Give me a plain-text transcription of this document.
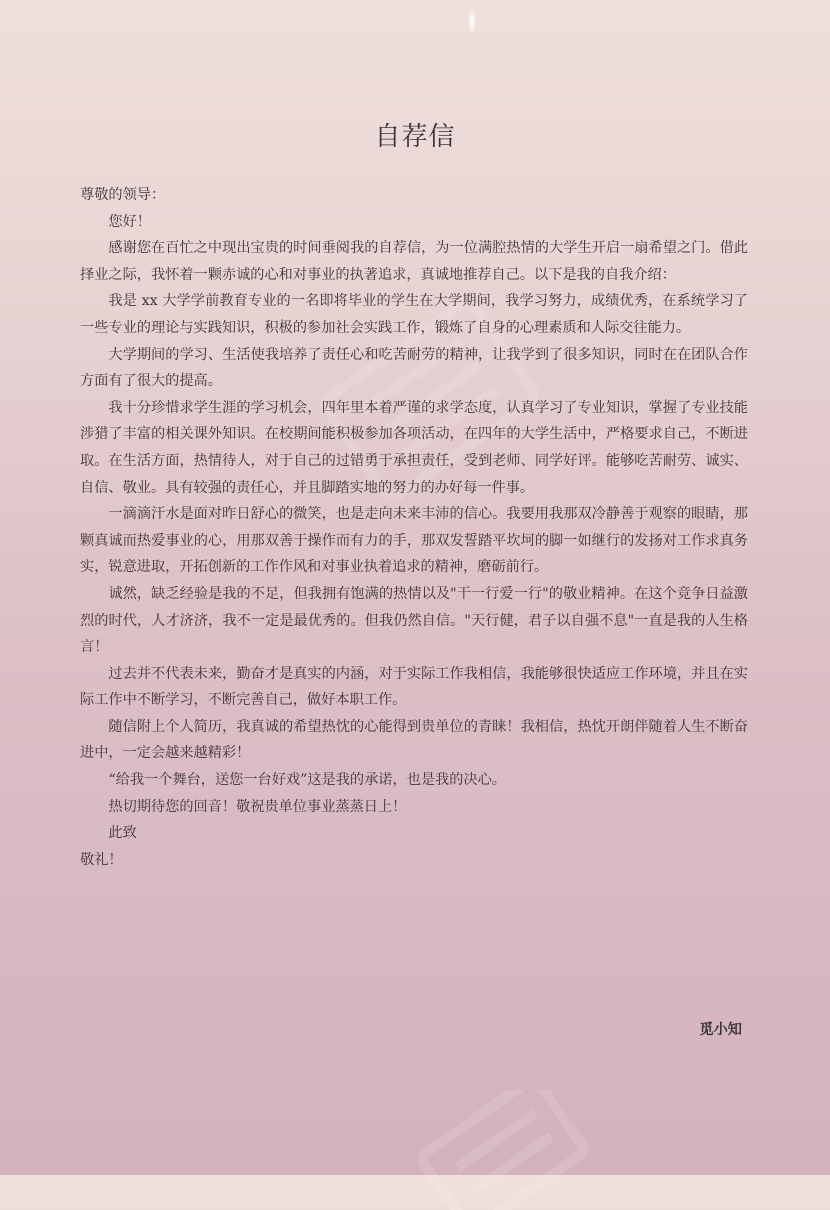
自荐信

尊敬的领导：

您好！

感谢您在百忙之中现出宝贵的时间垂阅我的自荐信，为一位满腔热情的大学生开启一扇希望之门。借此择业之际，我怀着一颗赤诚的心和对事业的执著追求，真诚地推荐自己。以下是我的自我介绍：

我是 xx 大学学前教育专业的一名即将毕业的学生在大学期间，我学习努力，成绩优秀，在系统学习了一些专业的理论与实践知识，积极的参加社会实践工作，锻炼了自身的心理素质和人际交往能力。

大学期间的学习、生活使我培养了责任心和吃苦耐劳的精神，让我学到了很多知识，同时在在团队合作方面有了很大的提高。

我十分珍惜求学生涯的学习机会，四年里本着严谨的求学态度，认真学习了专业知识，掌握了专业技能涉猎了丰富的相关课外知识。在校期间能积极参加各项活动，在四年的大学生活中，严格要求自己，不断进取。在生活方面，热情待人，对于自己的过错勇于承担责任，受到老师、同学好评。能够吃苦耐劳、诚实、自信、敬业。具有较强的责任心，并且脚踏实地的努力的办好每一件事。

一滴滴汗水是面对昨日舒心的微笑，也是走向未来丰沛的信心。我要用我那双冷静善于观察的眼睛，那颗真诚而热爱事业的心，用那双善于操作而有力的手，那双发誓踏平坎坷的脚一如继行的发扬对工作求真务实，锐意进取，开拓创新的工作作风和对事业执着追求的精神，磨砺前行。

诚然，缺乏经验是我的不足，但我拥有饱满的热情以及"干一行爱一行"的敬业精神。在这个竞争日益激烈的时代，人才济济，我不一定是最优秀的。但我仍然自信。"天行健，君子以自强不息"一直是我的人生格言！

过去并不代表未来，勤奋才是真实的内涵，对于实际工作我相信，我能够很快适应工作环境，并且在实际工作中不断学习，不断完善自己，做好本职工作。

随信附上个人简历，我真诚的希望热忱的心能得到贵单位的青睐！我相信，热忱开朗伴随着人生不断奋进中，一定会越来越精彩！

“给我一个舞台，送您一台好戏”这是我的承诺，也是我的决心。

热切期待您的回音！敬祝贵单位事业蒸蒸日上！

此致

敬礼！

觅小知
